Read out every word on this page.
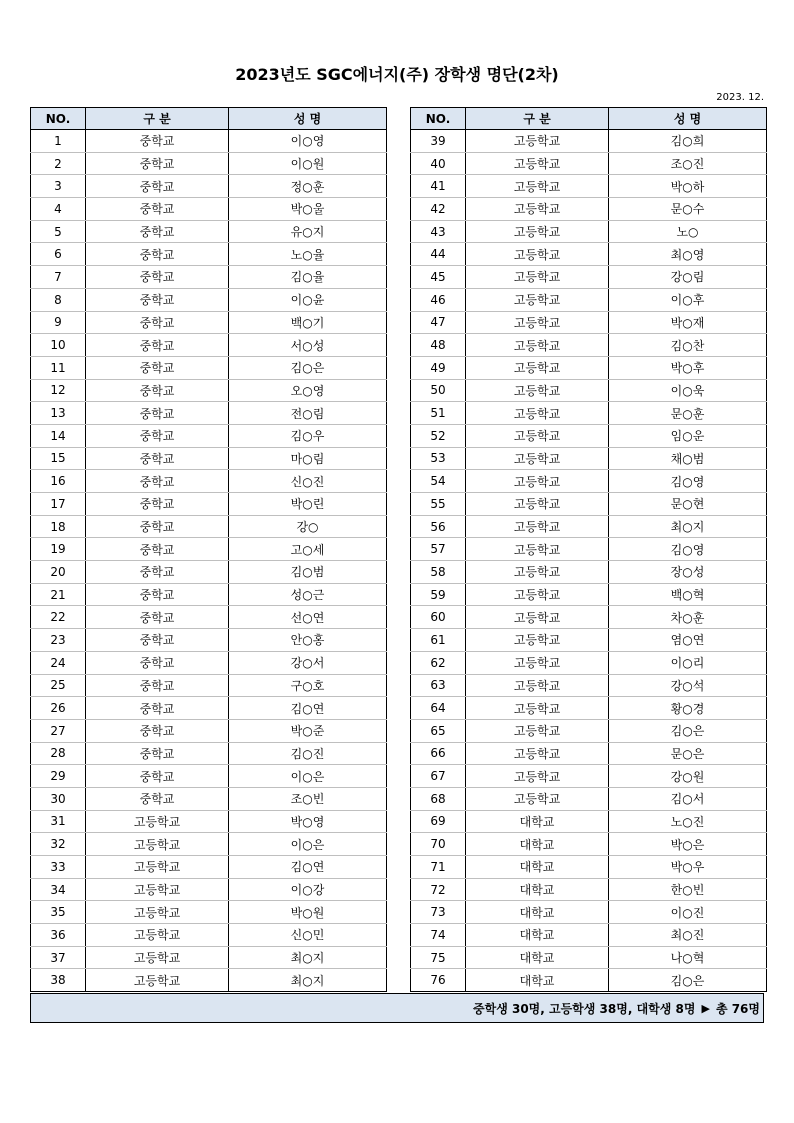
2023년도 SGC에너지(주) 장학생 명단(2차)
2023. 12.
NO.	구 분	성 명
1	중학교	이○영
2	중학교	이○원
3	중학교	정○훈
4	중학교	박○울
5	중학교	유○지
6	중학교	노○율
7	중학교	김○율
8	중학교	이○윤
9	중학교	백○기
10	중학교	서○성
11	중학교	김○은
12	중학교	오○영
13	중학교	전○림
14	중학교	김○우
15	중학교	마○림
16	중학교	신○진
17	중학교	박○린
18	중학교	강○
19	중학교	고○세
20	중학교	김○범
21	중학교	성○근
22	중학교	선○연
23	중학교	안○홍
24	중학교	강○서
25	중학교	구○호
26	중학교	김○연
27	중학교	박○준
28	중학교	김○진
29	중학교	이○은
30	중학교	조○빈
31	고등학교	박○영
32	고등학교	이○은
33	고등학교	김○연
34	고등학교	이○강
35	고등학교	박○원
36	고등학교	신○민
37	고등학교	최○지
38	고등학교	최○지
NO.	구 분	성 명
39	고등학교	김○희
40	고등학교	조○진
41	고등학교	박○하
42	고등학교	문○수
43	고등학교	노○
44	고등학교	최○영
45	고등학교	강○림
46	고등학교	이○후
47	고등학교	박○재
48	고등학교	김○찬
49	고등학교	박○후
50	고등학교	이○욱
51	고등학교	문○훈
52	고등학교	임○운
53	고등학교	채○범
54	고등학교	김○영
55	고등학교	문○현
56	고등학교	최○지
57	고등학교	김○영
58	고등학교	장○성
59	고등학교	백○혁
60	고등학교	차○훈
61	고등학교	염○연
62	고등학교	이○리
63	고등학교	강○석
64	고등학교	황○경
65	고등학교	김○은
66	고등학교	문○은
67	고등학교	강○원
68	고등학교	김○서
69	대학교	노○진
70	대학교	박○은
71	대학교	박○우
72	대학교	한○빈
73	대학교	이○진
74	대학교	최○진
75	대학교	나○혁
76	대학교	김○은
중학생 30명, 고등학생 38명, 대학생 8명 ▶ 총 76명
